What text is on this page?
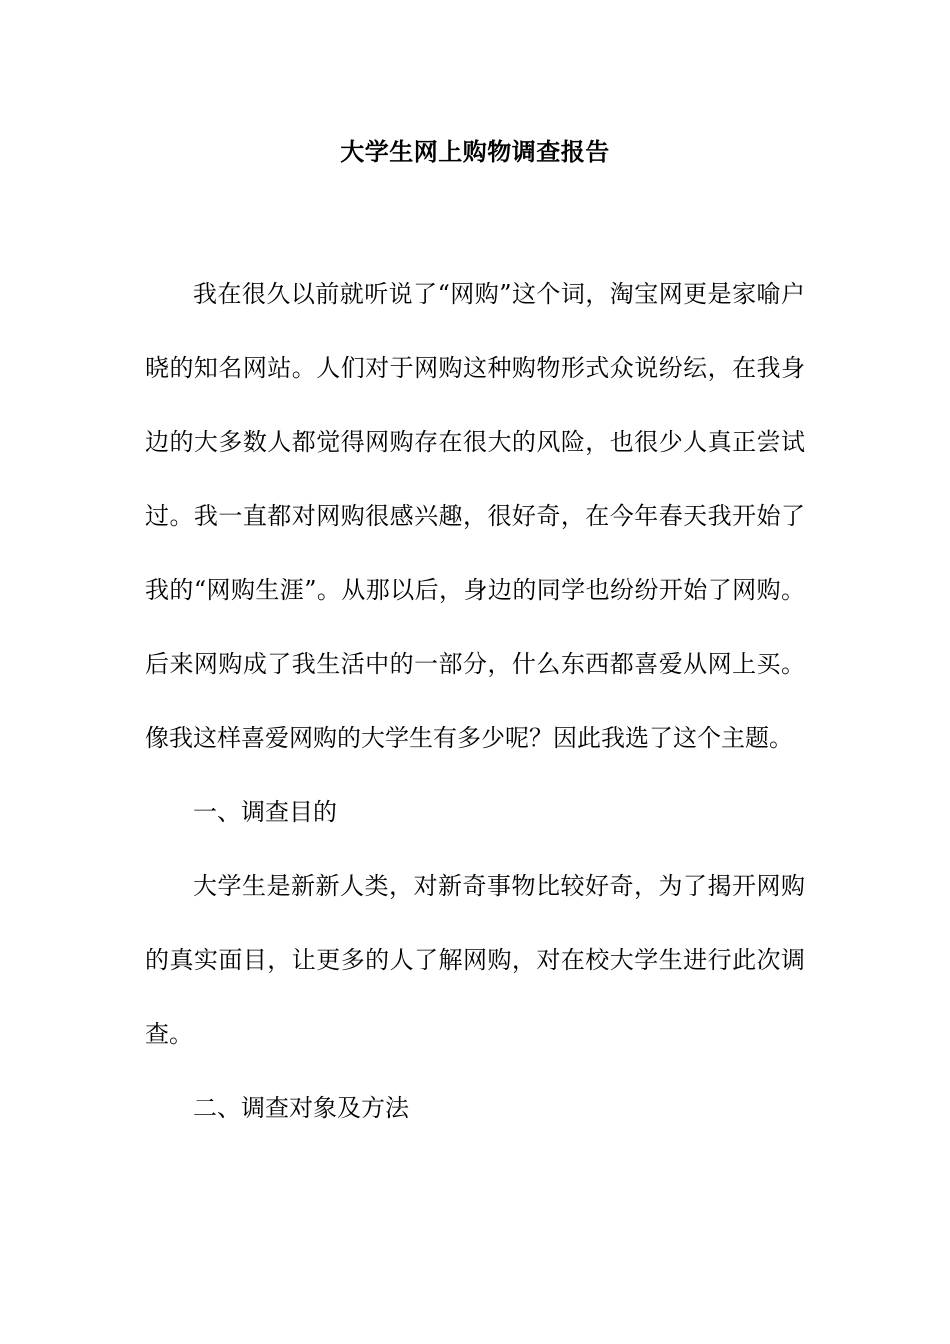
大学生网上购物调查报告

我在很久以前就听说了“网购”这个词，淘宝网更是家喻户晓的知名网站。人们对于网购这种购物形式众说纷纭，在我身边的大多数人都觉得网购存在很大的风险，也很少人真正尝试过。我一直都对网购很感兴趣，很好奇，在今年春天我开始了我的“网购生涯”。从那以后，身边的同学也纷纷开始了网购。后来网购成了我生活中的一部分，什么东西都喜爱从网上买。像我这样喜爱网购的大学生有多少呢？因此我选了这个主题。

一、调查目的

大学生是新新人类，对新奇事物比较好奇，为了揭开网购的真实面目，让更多的人了解网购，对在校大学生进行此次调查。

二、调查对象及方法
